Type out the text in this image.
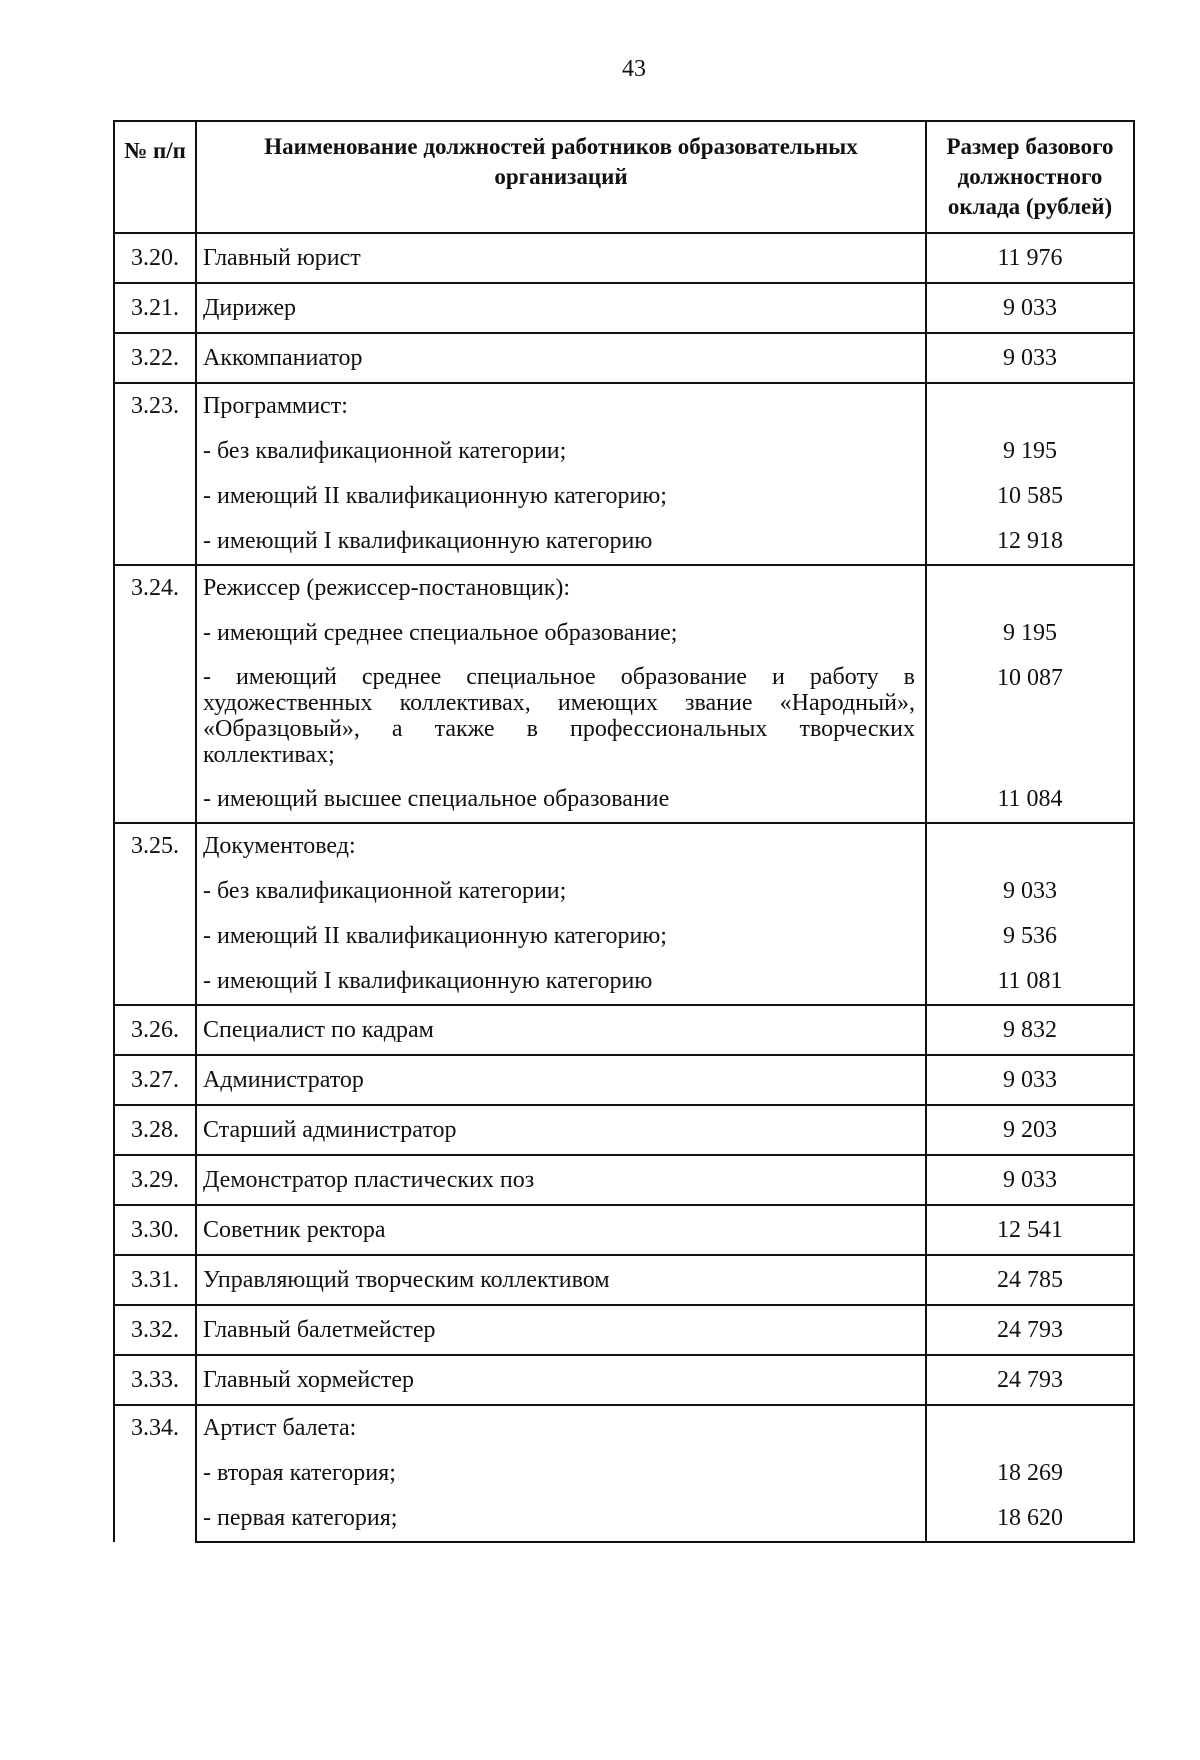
43
№ п/п	Наименование должностей работников образовательных организаций	Размер базового должностного оклада (рублей)
3.20.	Главный юрист	11 976
3.21.	Дирижер	9 033
3.22.	Аккомпаниатор	9 033
3.23.	Программист:	
	- без квалификационной категории;	9 195
	- имеющий II квалификационную категорию;	10 585
	- имеющий I квалификационную категорию	12 918
3.24.	Режиссер (режиссер-постановщик):	
	- имеющий среднее специальное образование;	9 195
	- имеющий среднее специальное образование и работу в художественных коллективах, имеющих звание «Народный», «Образцовый», а также в профессиональных творческих коллективах;	10 087
	- имеющий высшее специальное образование	11 084
3.25.	Документовед:	
	- без квалификационной категории;	9 033
	- имеющий II квалификационную категорию;	9 536
	- имеющий I квалификационную категорию	11 081
3.26.	Специалист по кадрам	9 832
3.27.	Администратор	9 033
3.28.	Старший администратор	9 203
3.29.	Демонстратор пластических поз	9 033
3.30.	Советник ректора	12 541
3.31.	Управляющий творческим коллективом	24 785
3.32.	Главный балетмейстер	24 793
3.33.	Главный хормейстер	24 793
3.34.	Артист балета:	
	- вторая категория;	18 269
	- первая категория;	18 620
